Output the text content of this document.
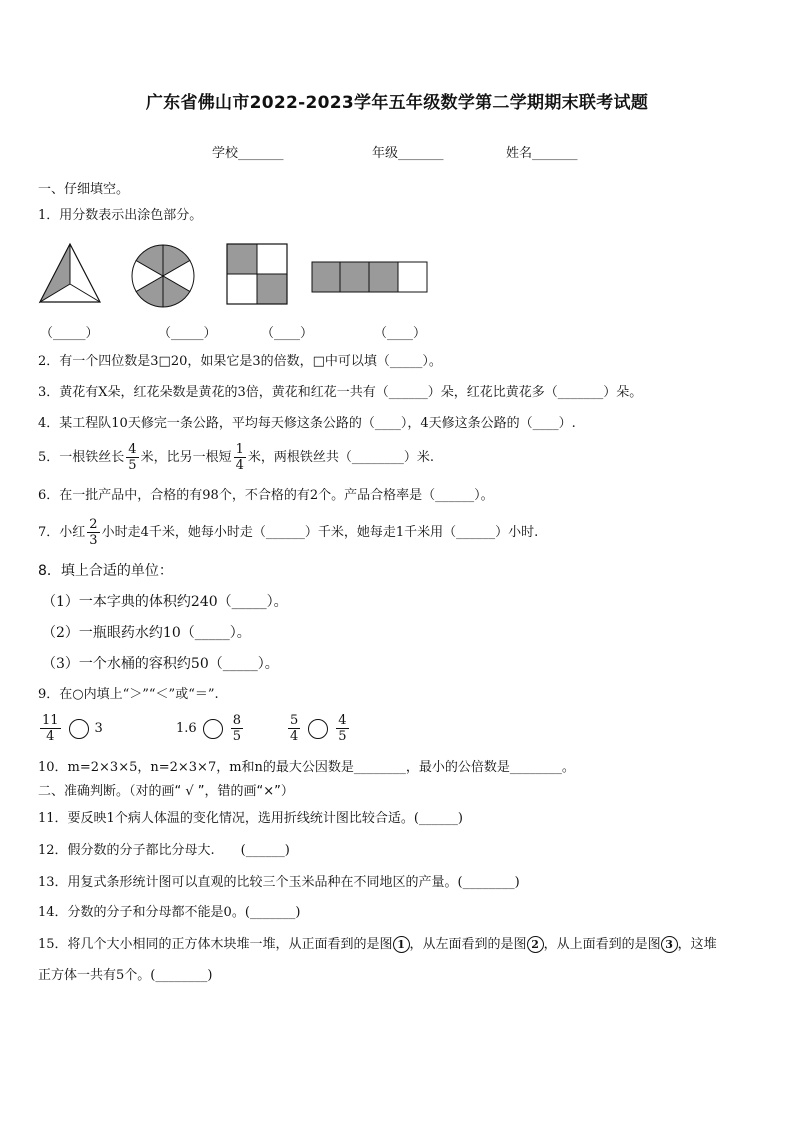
广东省佛山市2022-2023学年五年级数学第二学期期末联考试题
学校_______	年级_______	姓名_______
一、仔细填空。
1．用分数表示出涂色部分。
（_____）	（_____）	（____）	（____）
2．有一个四位数是3□20，如果它是3的倍数，□中可以填（_____）。
3．黄花有X朵，红花朵数是黄花的3倍，黄花和红花一共有（______）朵，红花比黄花多（_______）朵。
4．某工程队10天修完一条公路，平均每天修这条公路的（____），4天修这条公路的（____）.
5．一根铁丝长 $\frac{4}{5}$ 米，比另一根短 $\frac{1}{4}$ 米，两根铁丝共（________）米.
6．在一批产品中，合格的有98个，不合格的有2个。产品合格率是（______）。
7．小红 $\frac{2}{3}$ 小时走4千米，她每小时走（______）千米，她每走1千米用（______）小时.
8．填上合适的单位：
（1）一本字典的体积约240（_____）。
（2）一瓶眼药水约10（_____）。
（3）一个水桶的容积约50（_____）。
9．在○内填上“＞”“＜”或“＝”.
$\frac{11}{4}$	3	1.6	$\frac{8}{5}$	$\frac{5}{4}$	$\frac{4}{5}$
10．m=2×3×5，n=2×3×7，m和n的最大公因数是________，最小的公倍数是________。
二、准确判断。（对的画“ √ ”，错的画“×”）
11．要反映1个病人体温的变化情况，选用折线统计图比较合适。(______)
12．假分数的分子都比分母大.　　(______)
13．用复式条形统计图可以直观的比较三个玉米品种在不同地区的产量。(________)
14．分数的分子和分母都不能是0。(_______)
15．将几个大小相同的正方体木块堆一堆，从正面看到的是图 1 ，从左面看到的是图 2 ，从上面看到的是图 3 ，这堆
正方体一共有5个。(________)
